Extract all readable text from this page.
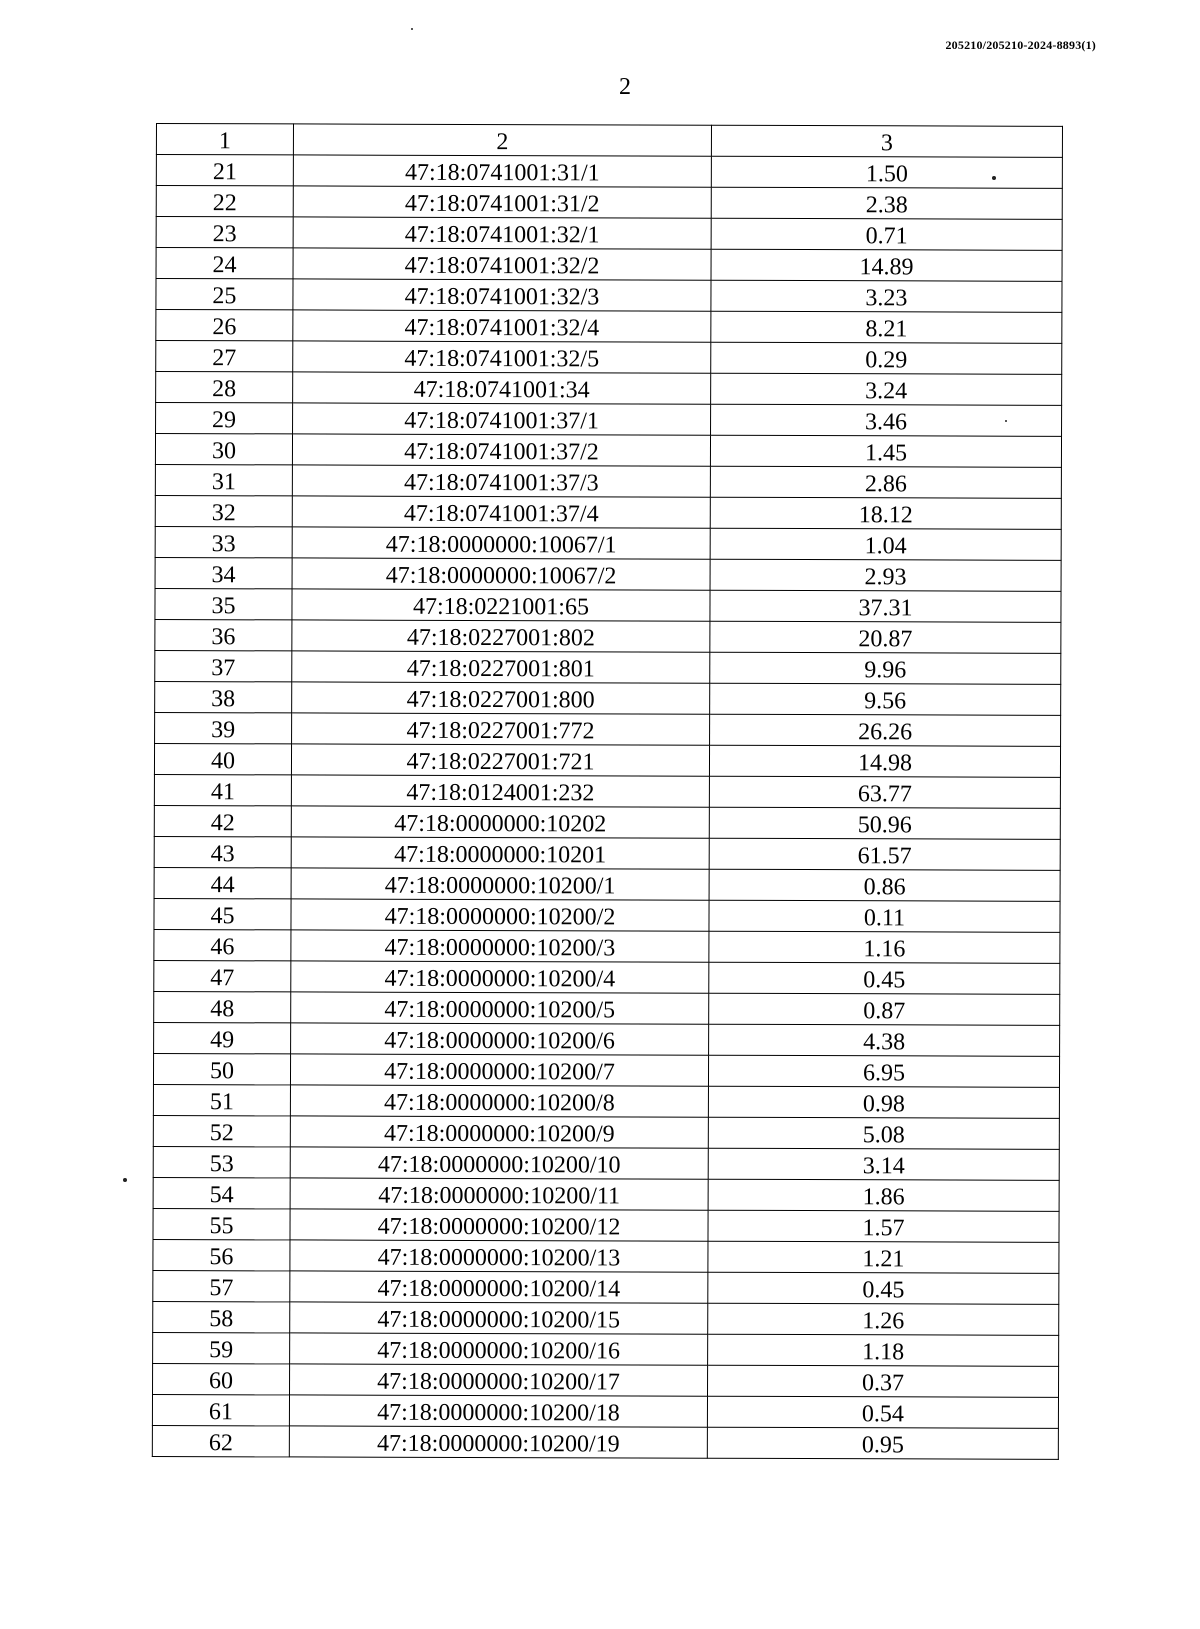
205210/205210-2024-8893(1)
2
1	2	3
21	47:18:0741001:31/1	1.50
22	47:18:0741001:31/2	2.38
23	47:18:0741001:32/1	0.71
24	47:18:0741001:32/2	14.89
25	47:18:0741001:32/3	3.23
26	47:18:0741001:32/4	8.21
27	47:18:0741001:32/5	0.29
28	47:18:0741001:34	3.24
29	47:18:0741001:37/1	3.46
30	47:18:0741001:37/2	1.45
31	47:18:0741001:37/3	2.86
32	47:18:0741001:37/4	18.12
33	47:18:0000000:10067/1	1.04
34	47:18:0000000:10067/2	2.93
35	47:18:0221001:65	37.31
36	47:18:0227001:802	20.87
37	47:18:0227001:801	9.96
38	47:18:0227001:800	9.56
39	47:18:0227001:772	26.26
40	47:18:0227001:721	14.98
41	47:18:0124001:232	63.77
42	47:18:0000000:10202	50.96
43	47:18:0000000:10201	61.57
44	47:18:0000000:10200/1	0.86
45	47:18:0000000:10200/2	0.11
46	47:18:0000000:10200/3	1.16
47	47:18:0000000:10200/4	0.45
48	47:18:0000000:10200/5	0.87
49	47:18:0000000:10200/6	4.38
50	47:18:0000000:10200/7	6.95
51	47:18:0000000:10200/8	0.98
52	47:18:0000000:10200/9	5.08
53	47:18:0000000:10200/10	3.14
54	47:18:0000000:10200/11	1.86
55	47:18:0000000:10200/12	1.57
56	47:18:0000000:10200/13	1.21
57	47:18:0000000:10200/14	0.45
58	47:18:0000000:10200/15	1.26
59	47:18:0000000:10200/16	1.18
60	47:18:0000000:10200/17	0.37
61	47:18:0000000:10200/18	0.54
62	47:18:0000000:10200/19	0.95
